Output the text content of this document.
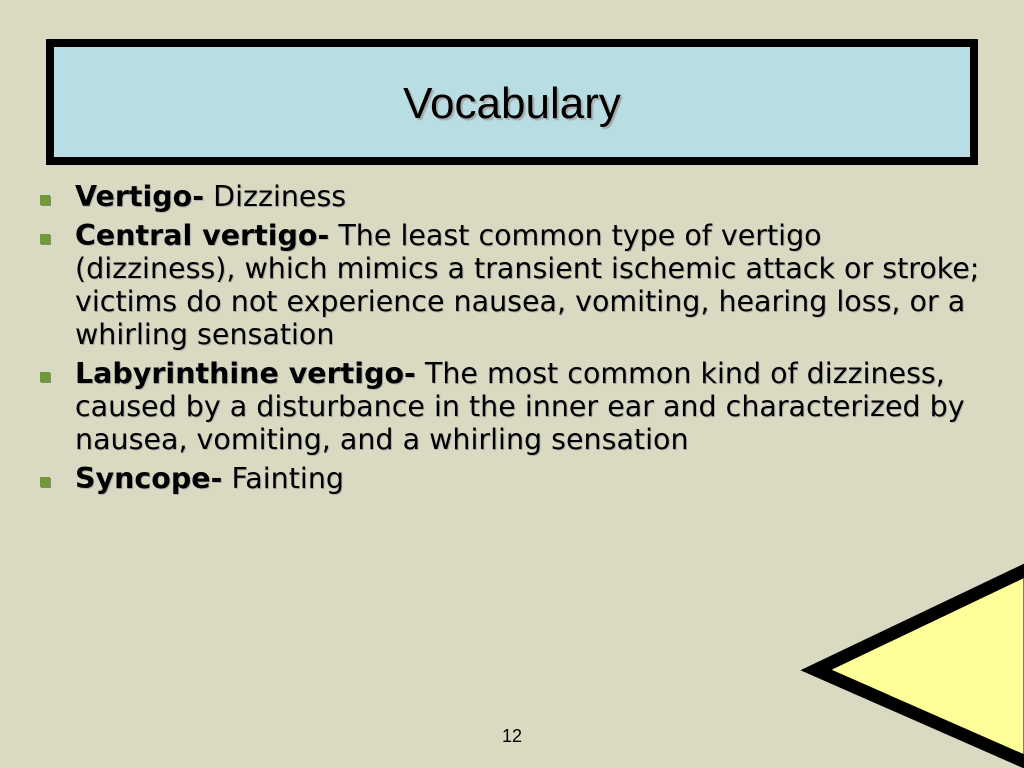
Vocabulary
Vertigo- Dizziness
Central vertigo- The least common type of vertigo (dizziness), which mimics a transient ischemic attack or stroke; victims do not experience nausea, vomiting, hearing loss, or a whirling sensation
Labyrinthine vertigo- The most common kind of dizziness, caused by a disturbance in the inner ear and characterized by nausea, vomiting, and a whirling sensation
Syncope- Fainting
12
